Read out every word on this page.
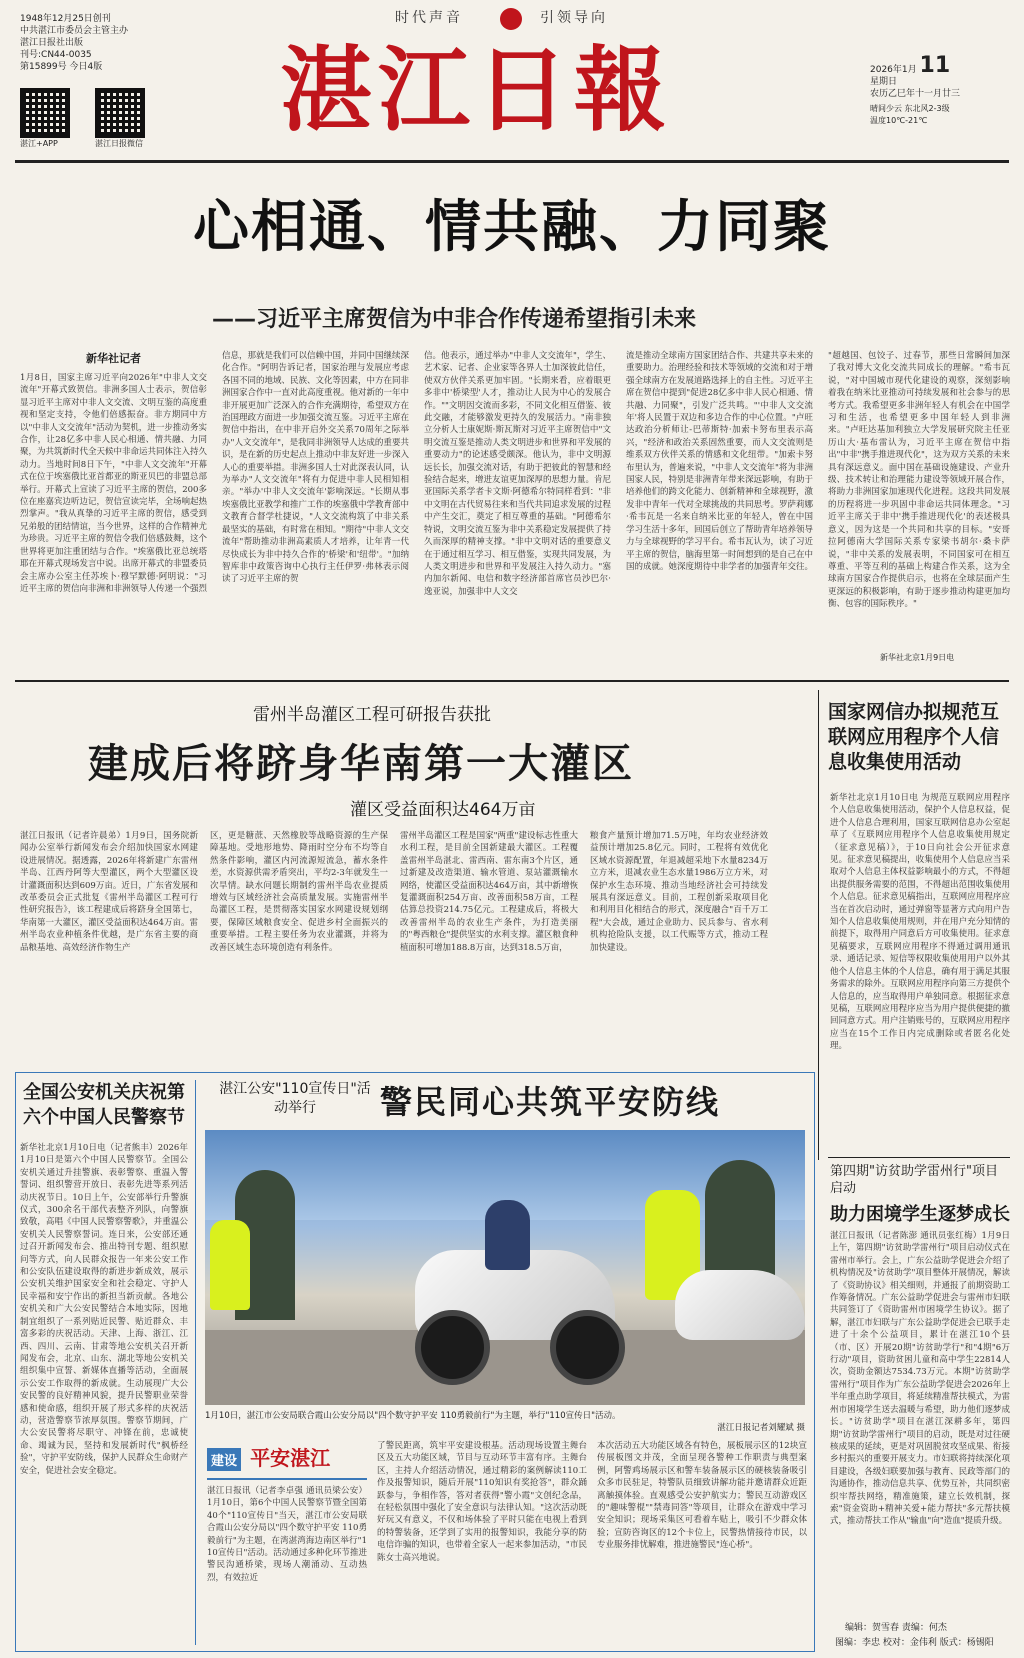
1948年12月25日创刊
中共湛江市委员会主管主办
湛江日报社出版
刊号:CN44-0035
第15899号 今日4版
湛江+APP	湛江日报微信
时代声音	引领导向
湛江日報	2026年1月 11
星期日
农历乙巳年十一月廿三
晴间少云 东北风2-3级
温度10℃-21℃
心相通、情共融、力同聚
——习近平主席贺信为中非合作传递希望指引未来
新华社记者
1月8日，国家主席习近平向2026年"中非人文交流年"开幕式致贺信。非洲多国人士表示，贺信彰显习近平主席对中非人文交流、文明互鉴的高度重视和坚定支持，令他们倍感振奋。非方期同中方以"中非人文交流年"活动为契机，进一步推动务实合作，让28亿多中非人民心相通、情共融、力同聚，为共筑新时代全天候中非命运共同体注入持久动力。当地时间8日下午，"中非人文交流年"开幕式在位于埃塞俄比亚首都亚的斯亚贝巴的非盟总部举行。开幕式上宣读了习近平主席的贺信，200多位在座嘉宾边听边记，贺信宣读完毕，全场响起热烈掌声。"我从真挚的习近平主席的贺信，感受到兄弟般的团结情谊，当今世界，这样的合作精神尤为珍贵。习近平主席的贺信令我们倍感鼓舞，这个世界将更加注重团结与合作。"埃塞俄比亚总统塔耶在开幕式现场发言中说。出席开幕式的非盟委员会主席办公室主任苏埃卜·穆罕默德·阿明说："习近平主席的贺信向非洲和非洲领导人传递一个强烈
信息，那就是我们可以信赖中国，并同中国继续深化合作。"阿明告诉记者，国家治理与发展应考虑各国不同的地域、民族、文化等因素，中方在同非洲国家合作中一直对此高度重视。他对新的一年中非开展更加广泛深入的合作充满期待，希望双方在治国理政方面进一步加强交流互鉴。习近平主席在贺信中指出，在中非开启外交关系70周年之际举办"人文交流年"，是我同非洲领导人达成的重要共识，是在新的历史起点上推动中非友好进一步深入人心的重要举措。非洲多国人士对此深表认同，认为举办"人文交流年"将有力促进中非人民相知相亲。"举办'中非人文交流年'影响深远。"长期从事埃塞俄比亚教学和推广工作的埃塞俄中学教育部中文教育合督学杜捷说，"人文交流构筑了中非关系最坚实的基础，有时常在相知。"期待"中非人文交流年"帮助推动非洲高素质人才培养，让年青一代尽快成长为非中持久合作的'桥梁'和'纽带'。"加纳智库非中政策咨询中心执行主任伊罗·弗林表示阅读了习近平主席的贺
信。他表示，通过举办"中非人文交流年"，学生、艺术家、记者、企业家等各界人士加深彼此信任，使双方伙伴关系更加牢固。"长期来看，应着眼更多非中'桥梁型'人才，推动让人民为中心的发展合作。""文明因交流而多彩，不同文化相互借鉴、彼此交融，才能够激发更持久的发展活力。"南非独立分析人士康妮斯·斯瓦斯对习近平主席贺信中"文明交流互鉴是推动人类文明进步和世界和平发展的重要动力"的论述感受颇深。他认为，非中文明源远长长，加强交流对话，有助于把彼此的智慧和经验结合起来，增进友谊更加深厚的思想力量。肯尼亚国际关系学者卡文斯·阿德希尔特同样看到："非中文明在古代贸易往来和当代共同追求发展的过程中产生交汇，奠定了相互尊重的基础。"阿德希尔特说，文明交流互鉴为非中关系稳定发展提供了持久而深厚的精神支撑。"非中文明对话的重要意义在于通过相互学习、相互借鉴，实现共同发展，为人类文明进步和世界和平发展注入持久动力。"塞内加尔新闻、电信和数字经济部首席官员沙巴尔·逸亚说，加强非中人文交
流是推动全球南方国家团结合作、共建共享未来的重要助力。治理经验和技术等领域的交流和对于增强全球南方在发展道路选择上的自主性。习近平主席在贺信中提到"促进28亿多中非人民心相通、情共融、力同聚"，引发广泛共鸣。"'中非人文交流年'将人民置于双边和多边合作的中心位置。"卢旺达政治分析师让-巴蒂斯特·加索卡努布里表示高兴，"经济和政治关系固然重要，而人文交流则是维系双方伙伴关系的情感和文化纽带。"加索卡努布里认为，普遍来说，"中非人文交流年"将为非洲国家人民，特别是非洲青年带来深远影响，有助于培养他们的跨文化能力、创新精神和全球视野，激发非中青年一代对全球挑战的共同思考。罗萨莉娜·希韦瓦是一名来自纳米比亚的年轻人，曾在中国学习生活十多年，回国后创立了帮助青年培养领导力与全球视野的学习平台。希韦瓦认为，读了习近平主席的贺信，脑海里第一时间想到的是自己在中国的成就。她深度期待中非学者的加强青年交往。
"超越国、包饺子、过春节，那些日常瞬间加深了我对博大文化交流共同成长的理解。"希韦瓦说，"对中国城市现代化建设的观察，深刻影响着我在纳米比亚推动可持续发展和社会参与的思考方式。我希望更多非洲年轻人有机会在中国学习和生活，也希望更多中国年轻人到非洲来。"卢旺达基加利独立大学发展研究院主任亚历山大·基布雷认为，习近平主席在贺信中指出"中非"携手推进现代化"，这为双方关系的未来具有深远意义。面中国在基础设施建设、产业升级、技术转让和治理能力建设等领域开展合作，将助力非洲国家加速现代化进程。这段共同发展的历程将进一步巩固中非命运共同体理念。"习近平主席关于非中'携手推进现代化'的表述极具意义，因为这是一个共同和共享的目标。"安哥拉阿德南大学国际关系专家梁书胡尔·桑卡萨说，"非中关系的发展表明，不同国家可在相互尊重、平等互利的基础上构建合作关系，这为全球南方国家合作提供启示，也将在全球层面产生更深远的积极影响，有助于逐步推动构建更加均衡、包容的国际秩序。"
新华社北京1月9日电
雷州半岛灌区工程可研报告获批
建成后将跻身华南第一大灌区
灌区受益面积达464万亩
湛江日报讯（记者许晨弟）1月9日，国务院新闻办公室举行新闻发布会介绍加快国家水网建设进展情况。据透露，2026年将新建广东雷州半岛、江西丹阿等大型灌区，两个大型灌区设计灌溉面积达到609万亩。近日，广东省发展和改革委员会正式批复《雷州半岛灌区工程可行性研究报告》，该工程建成后将跻身全国第七，华南第一大灌区，灌区受益面积达464万亩。雷州半岛农业种植条件优越，是广东省主要的商品粮基地、高效经济作物生产
区，更是糖蔗、天然橡胶等战略资源的生产保障基地。受地形地势、降雨时空分布不均等自然条件影响，灌区内河流源短流急，蓄水条件差，水资源供需矛盾突出，平均2-3年就发生一次旱情。缺水问题长期制约雷州半岛农业提质增效与区域经济社会高质量发展。实施雷州半岛灌区工程，是贯彻落实国家水网建设规划纲要，保障区域粮食安全、促进乡村全面振兴的重要举措。工程主要任务为农业灌溉，并将为改善区域生态环境创造有利条件。
雷州半岛灌区工程是国家"两重"建设标志性重大水利工程，是目前全国新建最大灌区。工程覆盖雷州半岛湛北、雷西南、雷东南3个片区，通过新建及改造渠道、输水管道、泵站灌溉输水网络，使灌区受益面积达464万亩，其中新增恢复灌溉面积254万亩、改善面积58万亩，工程估算总投资214.75亿元。工程建成后，将极大改善雷州半岛的农业生产条件，为打造美丽的"粤西粮仓"提供坚实的水利支撑。灌区粮食种植面积可增加188.8万亩，达到318.5万亩，
粮食产量预计增加71.5万吨，年均农业经济效益预计增加25.8亿元。同时，工程将有效优化区域水资源配置，年退减超采地下水量8234万立方米，退减农业生态水量1986万立方米，对保护水生态环境、推动当地经济社会可持续发展具有深远意义。目前，工程创新采取项目化和利用目化相结合的形式，深度融合"百千万工程"大会战，通过企业助力、民兵参与、省水利机构抢险队支援，以工代赈等方式，推动工程加快建设。
国家网信办拟规范互联网应用程序个人信息收集使用活动
新华社北京1月10日电 为规范互联网应用程序个人信息收集使用活动，保护个人信息权益，促进个人信息合理利用，国家互联网信息办公室起草了《互联网应用程序个人信息收集使用规定（征求意见稿）》，于10日向社会公开征求意见。征求意见稿提出，收集使用个人信息应当采取对个人信息主体权益影响最小的方式，不得超出提供服务需要的范围，不得超出范围收集使用个人信息。征求意见稿指出，互联网应用程序应当在首次启动时，通过弹窗等显著方式向用户告知个人信息收集使用规则，并在用户充分知情的前提下，取得用户同意后方可收集使用。征求意见稿要求，互联网应用程序不得通过调用通讯录、通话记录、短信等权限收集使用用户以外其他个人信息主体的个人信息，确有用于满足其服务需求的除外。互联网应用程序向第三方提供个人信息的，应当取得用户单独同意。根据征求意见稿，互联网应用程序应当为用户提供便捷的撤回同意方式。用户注销账号的，互联网应用程序应当在15个工作日内完成删除或者匿名化处理。
全国公安机关庆祝第六个中国人民警察节
新华社北京1月10日电（记者熊丰）2026年1月10日是第六个中国人民警察节。全国公安机关通过升挂警旗、表彰警察、重温入警誓词、组织警营开放日、表彰先进等系列活动庆祝节日。10日上午，公安部举行升警旗仪式，300余名干部代表整齐列队，向警旗致敬，高唱《中国人民警察警歌》，并重温公安机关人民警察誓词。连日来，公安部还通过召开新闻发布会、推出特刊专题、组织慰问等方式，向人民群众报告一年来公安工作和公安队伍建设取得的新进步新成效，展示公安机关维护国家安全和社会稳定、守护人民幸福和安宁作出的新担当新贡献。各地公安机关和广大公安民警结合本地实际，因地制宜组织了一系列贴近民警、贴近群众、丰富多彩的庆祝活动。天津、上海、浙江、江西、四川、云南、甘肃等地公安机关召开新闻发布会，北京、山东、湖北等地公安机关组织集中宣誓、新媒体直播等活动，全面展示公安工作取得的新成就。生动展现广大公安民警的良好精神风貌，提升民警职业荣誉感和使命感，组织开展了形式多样的庆祝活动，营造警察节浓厚氛围。警察节期间，广大公安民警将尽职守、冲锋在前，忠诚使命、竭诚为民，坚持和发展新时代"枫桥经验"，守护平安防线，保护人民群众生命财产安全，促进社会安全稳定。
湛江公安"110宣传日"活动举行	警民同心共筑平安防线
1月10日，湛江市公安局联合霞山公安分局以"四个数守护平安 110勇毅前行"为主题，举行"110宣传日"活动。
湛江日报记者刘耀斌 摄
建设 平安湛江
湛江日报讯（记者李卓强 通讯员梁公安）1月10日，第6个中国人民警察节暨全国第40个"110宣传日"当天，湛江市公安局联合霞山公安分局以"四个数守护平安 110勇毅前行"为主题，在湾湛湾海边南区举行"110宣传日"活动。活动通过多种化环节推进警民沟通桥梁，现场人潮涌动、互动热烈，有效拉近
了警民距离，筑牢平安建设根基。活动现场设置主舞台区及五大功能区域，节目与互动环节丰富有序。主舞台区，主持人介绍活动情况，通过精彩的案例解读110工作及报警知识，随后开展"110知识有奖抢答"，群众踊跃参与，争相作答，答对者获得"警小霞"文创纪念品，在轻松氛围中强化了安全意识与法律认知。"这次活动既好玩又有意义，不仅和场体验了平时只能在电视上看到的特警装备，还学到了实用的报警知识，我能分享的防电信诈骗的知识，也带着全家人一起来参加活动，"市民陈女士高兴地说。
本次活动五大功能区域各有特色，展板展示区的12块宣传展板图文并茂，全面呈现各警种工作职责与典型案例，阿警鸡场展示区和警车装备展示区的硬核装备吸引众多市民驻足，特警队员细致讲解功能并邀请群众近距离触摸体验。直观感受公安护航实力；警民互动游戏区的"趣味警棍""禁毒同答"等项目，让群众在游戏中学习安全知识；现场采集区可看着车贴上，吸引不少群众体验；宣防咨询区的12个卡位上，民警热情接待市民，以专业服务排忧解难，推进施警民"连心桥"。
第四期"访贫助学雷州行"项目启动
助力困境学生逐梦成长
湛江日报讯（记者陈澎 通讯员张红梅）1月9日上午，第四期"访贫助学雷州行"项目启动仪式在雷州市举行。会上，广东公益助学促进会介绍了机构情况及"访贫助学"项目整体开展情况，解读了《资助协议》相关细则，并通报了前期资助工作筹备情况。广东公益助学促进会与雷州市妇联共同签订了《资助雷州市困境学生协议》。据了解，湛江市妇联与广东公益助学促进会已联手走进了十余个公益项目，累计在湛江10个县（市、区）开展20期"访贫助学行"和"4期"6万行动"项目，资助贫困儿童和高中学生22814人次，资助金额达7534.73万元。本期"访贫助学雷州行"项目作为广东公益助学促进会2026年上半年重点助学项目，将延续精准帮扶模式，为雷州市困境学生送去温暖与希望，助力他们逐梦成长。"访贫助学"项目在湛江深耕多年，第四期"访贫助学雷州行"项目的启动，既是对过往硬核成果的延续，更是对巩固脱贫攻坚成果、衔接乡村振兴的重要开展支力。市妇联将持续深化项目建设，各级妇联要加强与教育、民政等部门的沟通协作，推动信息共享、优势互补，共同织密织牢帮扶网络，精准施策，建立长效机制，探索"资金资助+精神关爱+能力帮扶"多元帮扶模式，推动帮扶工作从"输血"向"造血"提质升级。
编辑：贺雪春 责编：何杰
图编：李忠 校对：金伟利 版式：杨锡阳
